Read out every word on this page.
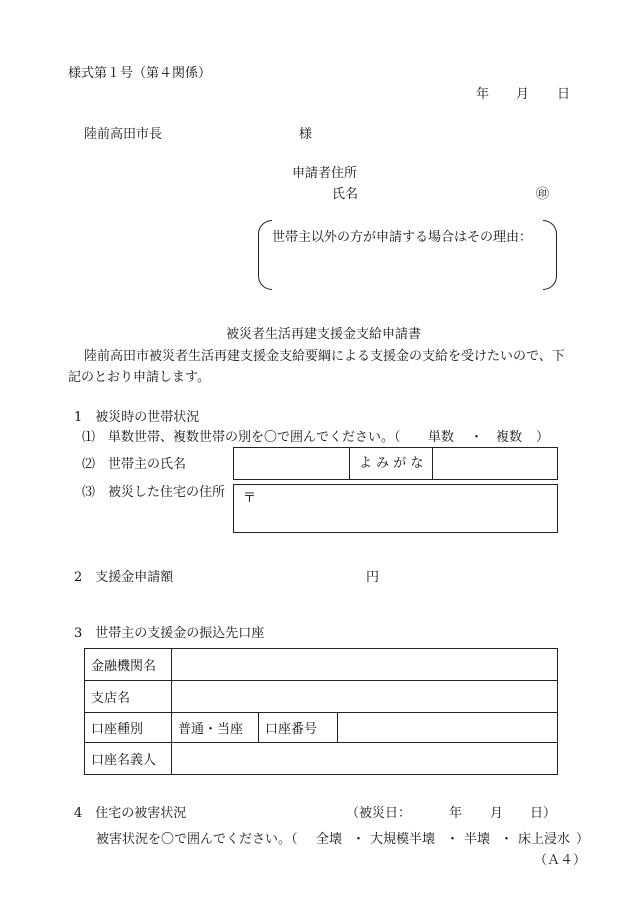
様式第１号（第４関係）
年 月 日
陸前高田市長	様
申請者住所
氏名	㊞
世帯主以外の方が申請する場合はその理由：
被災者生活再建支援金支給申請書
陸前高田市被災者生活再建支援金支給要綱による支援金の支給を受けたいので、下
記のとおり申請します。
1　被災時の世帯状況
⑴　単数世帯、複数世帯の別を〇で囲んでください。（ 単数 ・ 複数 ）
⑵　世帯主の氏名	よ み が な
⑶　被災した住宅の住所 〒
2　支援金申請額	円
3　世帯主の支援金の振込先口座
金融機関名			
支店名			
口座種別	普通・当座	口座番号	
口座名義人			
4　住宅の被害状況	（被災日：	年 月 日）
被害状況を〇で囲んでください。（ 全壊 ・ 大規模半壊 ・ 半壊 ・ 床上浸水 ）
（Ａ４）
